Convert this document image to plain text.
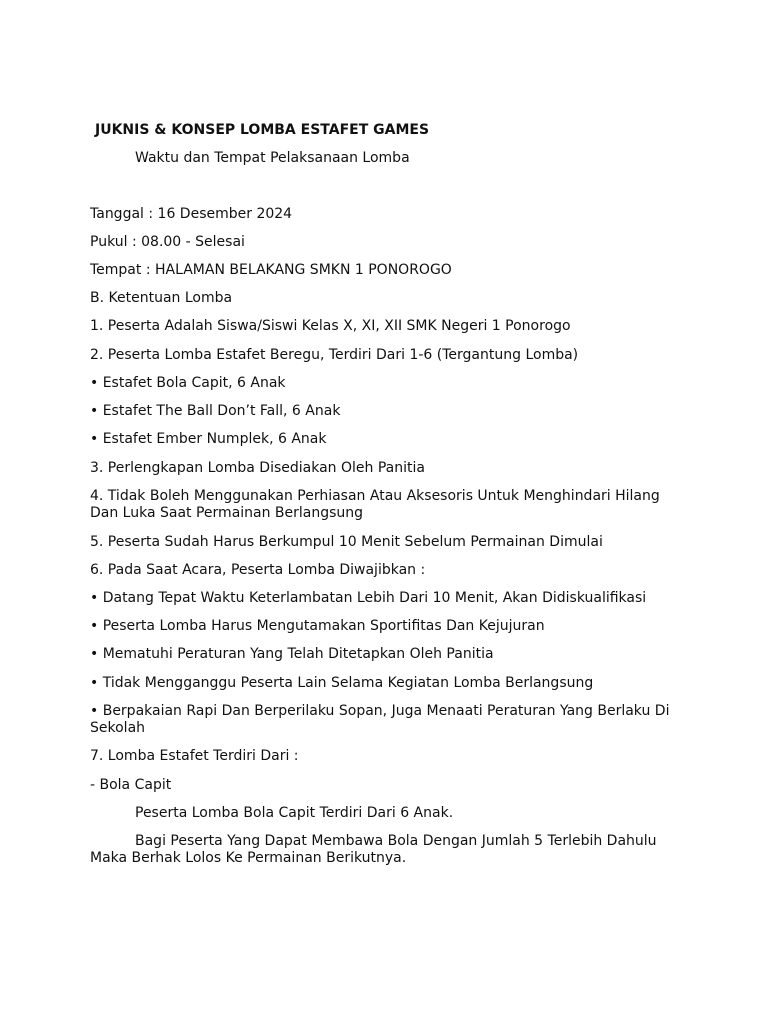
JUKNIS & KONSEP LOMBA ESTAFET GAMES
Waktu dan Tempat Pelaksanaan Lomba
Tanggal : 16 Desember 2024
Pukul : 08.00 - Selesai
Tempat : HALAMAN BELAKANG SMKN 1 PONOROGO
B. Ketentuan Lomba
1. Peserta Adalah Siswa/Siswi Kelas X, XI, XII SMK Negeri 1 Ponorogo
2. Peserta Lomba Estafet Beregu, Terdiri Dari 1-6 (Tergantung Lomba)
• Estafet Bola Capit, 6 Anak
• Estafet The Ball Don’t Fall, 6 Anak
• Estafet Ember Numplek, 6 Anak
3. Perlengkapan Lomba Disediakan Oleh Panitia
4. Tidak Boleh Menggunakan Perhiasan Atau Aksesoris Untuk Menghindari Hilang Dan Luka Saat Permainan Berlangsung
5. Peserta Sudah Harus Berkumpul 10 Menit Sebelum Permainan Dimulai
6. Pada Saat Acara, Peserta Lomba Diwajibkan :
• Datang Tepat Waktu Keterlambatan Lebih Dari 10 Menit, Akan Didiskualifikasi
• Peserta Lomba Harus Mengutamakan Sportifitas Dan Kejujuran
• Mematuhi Peraturan Yang Telah Ditetapkan Oleh Panitia
• Tidak Mengganggu Peserta Lain Selama Kegiatan Lomba Berlangsung
• Berpakaian Rapi Dan Berperilaku Sopan, Juga Menaati Peraturan Yang Berlaku Di Sekolah
7. Lomba Estafet Terdiri Dari :
- Bola Capit
Peserta Lomba Bola Capit Terdiri Dari 6 Anak.
Bagi Peserta Yang Dapat Membawa Bola Dengan Jumlah 5 Terlebih Dahulu Maka Berhak Lolos Ke Permainan Berikutnya.
